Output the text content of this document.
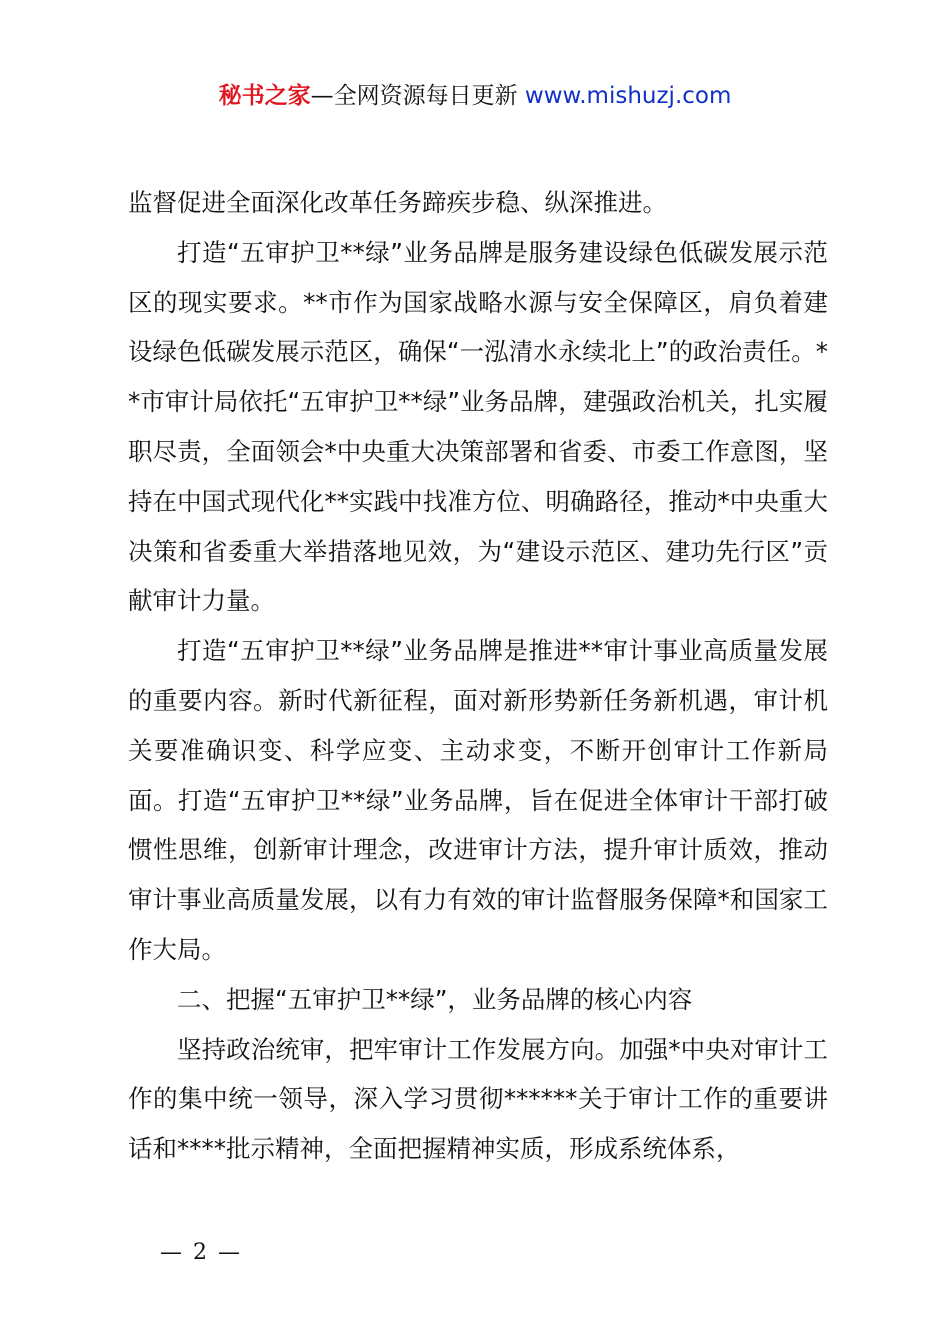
秘书之家—全网资源每日更新 www.mishuzj.com

监督促进全面深化改革任务蹄疾步稳、纵深推进。

打造“五审护卫**绿”业务品牌是服务建设绿色低碳发展示范区的现实要求。**市作为国家战略水源与安全保障区，肩负着建设绿色低碳发展示范区，确保“一泓清水永续北上”的政治责任。**市审计局依托“五审护卫**绿”业务品牌，建强政治机关，扎实履职尽责，全面领会*中央重大决策部署和省委、市委工作意图，坚持在中国式现代化**实践中找准方位、明确路径，推动*中央重大决策和省委重大举措落地见效，为“建设示范区、建功先行区”贡献审计力量。

打造“五审护卫**绿”业务品牌是推进**审计事业高质量发展的重要内容。新时代新征程，面对新形势新任务新机遇，审计机关要准确识变、科学应变、主动求变，不断开创审计工作新局面。打造“五审护卫**绿”业务品牌，旨在促进全体审计干部打破惯性思维，创新审计理念，改进审计方法，提升审计质效，推动审计事业高质量发展，以有力有效的审计监督服务保障*和国家工作大局。

二、把握“五审护卫**绿”，业务品牌的核心内容

坚持政治统审，把牢审计工作发展方向。加强*中央对审计工作的集中统一领导，深入学习贯彻******关于审计工作的重要讲话和****批示精神，全面把握精神实质，形成系统体系，

— 2 —
